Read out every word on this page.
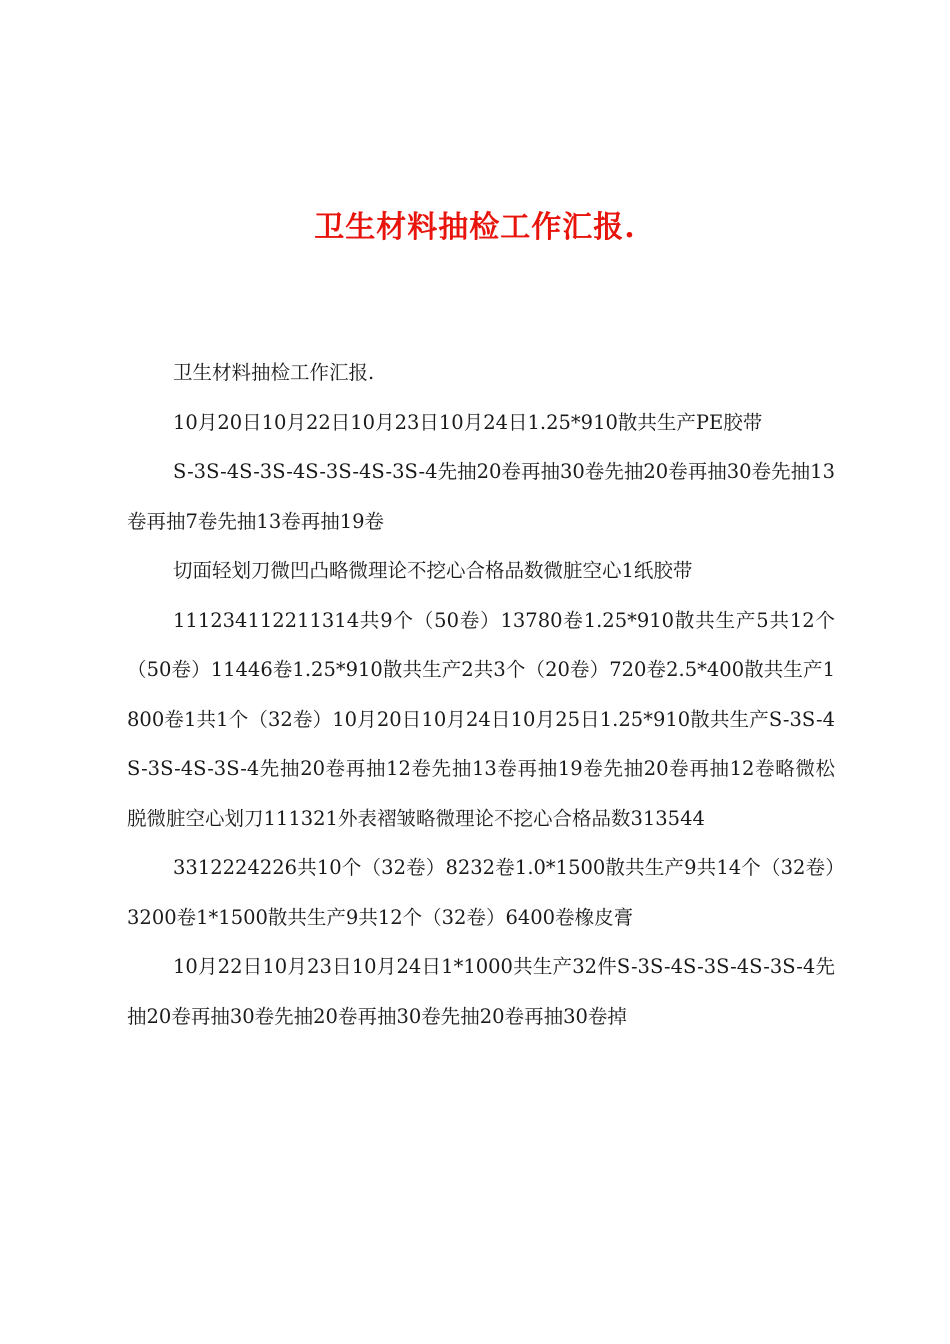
卫生材料抽检工作汇报.

卫生材料抽检工作汇报.

10月20日10月22日10月23日10月24日1.25*910散共生产PE胶带

S-3S-4S-3S-4S-3S-4S-3S-4先抽20卷再抽30卷先抽20卷再抽30卷先抽13卷再抽7卷先抽13卷再抽19卷

切面轻划刀微凹凸略微理论不挖心合格品数微脏空心1纸胶带

111234112211314共9个（50卷）13780卷1.25*910散共生产5共12个（50卷）11446卷1.25*910散共生产2共3个（20卷）720卷2.5*400散共生产1800卷1共1个（32卷）10月20日10月24日10月25日1.25*910散共生产S-3S-4S-3S-4S-3S-4先抽20卷再抽12卷先抽13卷再抽19卷先抽20卷再抽12卷略微松脱微脏空心划刀111321外表褶皱略微理论不挖心合格品数313544

3312224226共10个（32卷）8232卷1.0*1500散共生产9共14个（32卷）3200卷1*1500散共生产9共12个（32卷）6400卷橡皮膏

10月22日10月23日10月24日1*1000共生产32件S-3S-4S-3S-4S-3S-4先抽20卷再抽30卷先抽20卷再抽30卷先抽20卷再抽30卷掉
